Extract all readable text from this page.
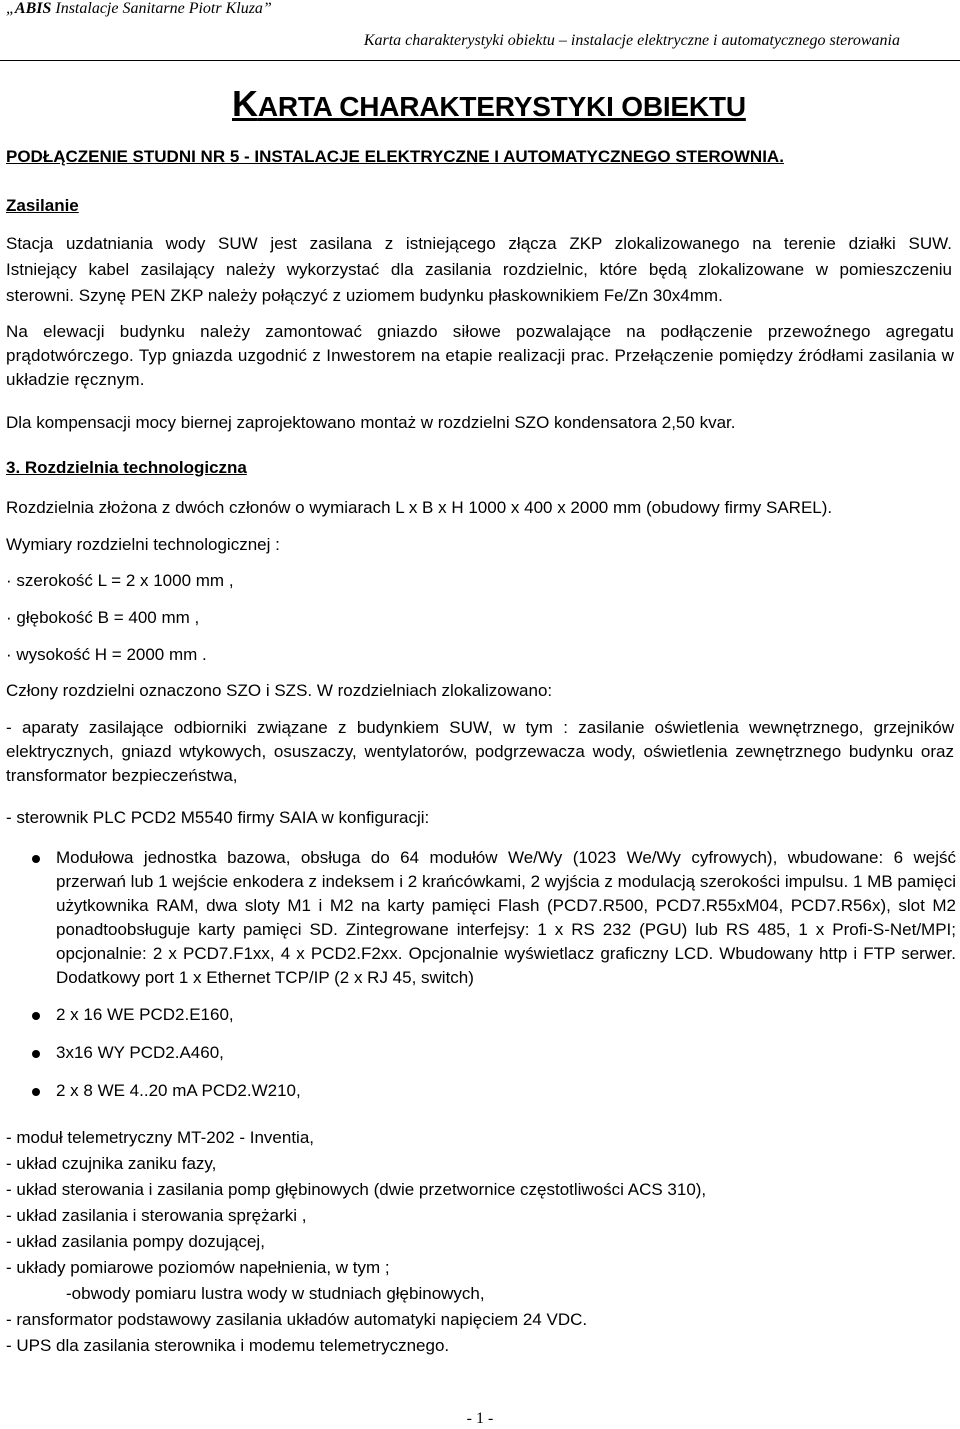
„ABIS Instalacje Sanitarne Piotr Kluza”
Karta charakterystyki obiektu – instalacje elektryczne i automatycznego sterowania
KARTA CHARAKTERYSTYKI OBIEKTU
PODŁĄCZENIE STUDNI NR 5 - INSTALACJE ELEKTRYCZNE I AUTOMATYCZNEGO STEROWNIA.
Zasilanie
Stacja uzdatniania wody SUW jest zasilana z istniejącego złącza ZKP zlokalizowanego na terenie działki SUW.
Istniejący kabel zasilający należy wykorzystać dla zasilania rozdzielnic, które będą zlokalizowane w pomieszczeniu
sterowni. Szynę PEN ZKP należy połączyć z uziomem budynku płaskownikiem Fe/Zn 30x4mm.
Na elewacji budynku należy zamontować gniazdo siłowe pozwalające na podłączenie przewoźnego agregatu prądotwórczego. Typ gniazda uzgodnić z Inwestorem na etapie realizacji prac. Przełączenie pomiędzy źródłami zasilania w układzie ręcznym.
Dla kompensacji mocy biernej zaprojektowano montaż w rozdzielni SZO kondensatora 2,50 kvar.
3. Rozdzielnia technologiczna
Rozdzielnia złożona z dwóch członów o wymiarach L x B x H 1000 x 400 x 2000 mm (obudowy firmy SAREL).
Wymiary rozdzielni technologicznej :
· szerokość L = 2 x 1000 mm ,
· głębokość B = 400 mm ,
· wysokość H = 2000 mm .
Człony rozdzielni oznaczono SZO i SZS. W rozdzielniach zlokalizowano:
- aparaty zasilające odbiorniki związane z budynkiem SUW, w tym : zasilanie oświetlenia wewnętrznego, grzejników elektrycznych, gniazd wtykowych, osuszaczy, wentylatorów, podgrzewacza wody, oświetlenia zewnętrznego budynku oraz transformator bezpieczeństwa,
- sterownik PLC PCD2 M5540 firmy SAIA w konfiguracji:
Modułowa jednostka bazowa, obsługa do 64 modułów We/Wy (1023 We/Wy cyfrowych), wbudowane: 6 wejść przerwań lub 1 wejście enkodera z indeksem i 2 krańcówkami, 2 wyjścia z modulacją szerokości impulsu. 1 MB pamięci użytkownika RAM, dwa sloty M1 i M2 na karty pamięci Flash (PCD7.R500, PCD7.R55xM04, PCD7.R56x), slot M2 ponadtoobsługuje karty pamięci SD. Zintegrowane interfejsy: 1 x RS 232 (PGU) lub RS 485, 1 x Profi-S-Net/MPI; opcjonalnie: 2 x PCD7.F1xx, 4 x PCD2.F2xx. Opcjonalnie wyświetlacz graficzny LCD. Wbudowany http i FTP serwer. Dodatkowy port 1 x Ethernet TCP/IP (2 x RJ 45, switch)
2 x 16 WE PCD2.E160,
3x16 WY PCD2.A460,
2 x 8 WE 4..20 mA PCD2.W210,
- moduł telemetryczny MT-202 - Inventia,
- układ czujnika zaniku fazy,
- układ sterowania i zasilania pomp głębinowych (dwie przetwornice częstotliwości ACS 310),
- układ zasilania i sterowania sprężarki ,
- układ zasilania pompy dozującej,
- układy pomiarowe poziomów napełnienia, w tym ;
-obwody pomiaru lustra wody w studniach głębinowych,
- ransformator podstawowy zasilania układów automatyki napięciem 24 VDC.
- UPS dla zasilania sterownika i modemu telemetrycznego.
- 1 -
